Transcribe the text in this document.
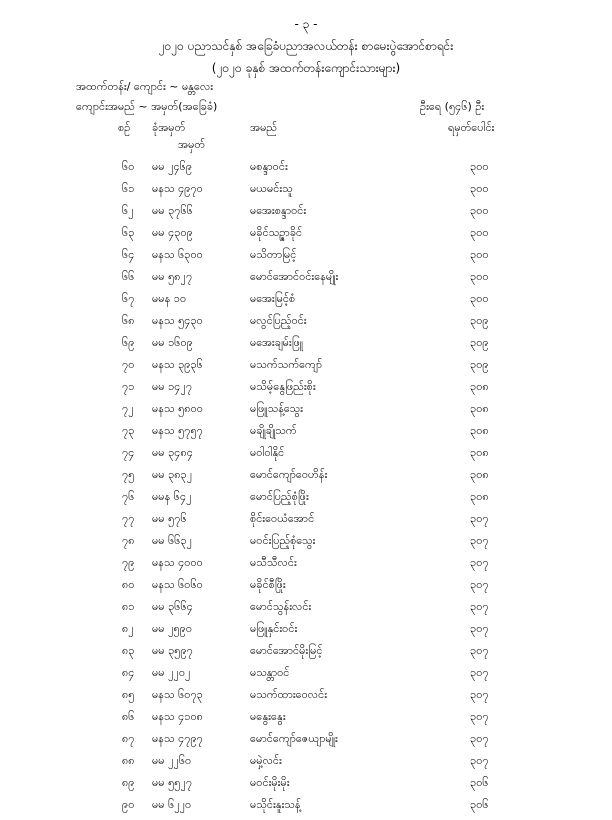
- ၃ -
၂၀၂၀ ပညာသင်နှစ် အခြေခံပညာအလယ်တန်း စာမေးပွဲအောင်စာရင်း
(၂၀၂၀ ခုနှစ် အထက်တန်းကျောင်းသားများ)
အထက်တန်း/ ကျောင်း ~ မန္တလေး
ကျောင်းအမည် ~ အမှတ်(အခြေခံ)	ဦးရေ (၅၄၆) ဦး
စဉ် ခုံအမှတ်	အမည်	ရမှတ်ပေါင်း
အမှတ်
၆၀ မမ ၂၄၆၉	မစန္ဒာဝင်း	၃၀၀
၆၁ မနသ ၄၉၇၀	မယမင်းသူ	၃၀၀
၆၂ မမ ၃၇၆၆	မအေးစန္ဒာဝင်း	၃၀၀
၆၃ မမ ၄၃၀၉	မခိုင်သဥ္ဇာခိုင်	၃၀၀
၆၄ မနသ ၆၃၀၀	မသိတာမြင့်	၃၀၀
၆၆ မမ ၅၈၂၇	မောင်အောင်ဝင်းနေမျိုး	၃၀၀
၆၇ မမန ၁၀	မအေးမြင့်စံ	၃၀၀
၆၈ မနသ ၅၄၃၀	မလွင်ပြည့်ဝင်း	၃၀၉
၆၉ မမ ၁၆၀၉	မအေးချမ်းဖြူ	၃၀၉
၇၀ မနသ ၃၉၃၆	မသက်သက်ကျော်	၃၀၉
၇၁ မမ ၁၄၂၇	မသိမ့်နွေဖြည်းစိုး	၃၀၈
၇၂ မနသ ၅၈၀၀	မဖြူသန့်သွေး	၃၀၈
၇၃ မနသ ၅၇၅၇	မချိုချိုသက်	၃၀၈
၇၄ မမ ၃၄၈၄	မဝါဝါနိုင်	၃၀၈
၇၅ မမ ၃၈၃၂	မောင်ကျော်ဝေဟိန်း	၃၀၈
၇၆ မမန ၆၄၂	မောင်ပြည့်စုံဖြိုး	၃၀၈
၇၇ မမ ၅၇၆	စိုင်းဝေယံအောင်	၃၀၇
၇၈ မမ ၆၆၃၂	မဝင်းပြည့်စုံသွေး	၃၀၇
၇၉ မနသ ၄၀၀၀	မသီသီလင်း	၃၀၇
၈၀ မနသ ၆၀၆၀	မခိုင်စီဖြိုး	၃၀၇
၈၁ မမ ၃၆၆၄	မောင်သွန်းလင်း	၃၀၇
၈၂ မမ ၂၅၉၀	မဖြူနှင်းဝင်း	၃၀၇
၈၃ မမ ၃၅၉၇	မောင်အောင်မိုးမြင့်	၃၀၇
၈၄ မမ ၂၂၀၂	မသန္တာဝင်	၃၀၇
၈၅ မနသ ၆၀၇၃	မသက်ထားဝေလင်း	၃၀၇
၈၆ မနသ ၄၁၀၈	မနွေးနွေး	၃၀၇
၈၇ မနသ ၄၇၉၇	မောင်ကျော်ဇေယျာမျိုး	၃၀၇
၈၈ မမ ၂၂၆၀	မမှဲ့လင်း	၃၀၇
၈၉ မမ ၅၅၂၇	မဝင်းမိုးမိုး	၃၀၆
၉၀ မမ ၆၂၂၀	မသိုင်းနူးသန့်	၃၀၆
